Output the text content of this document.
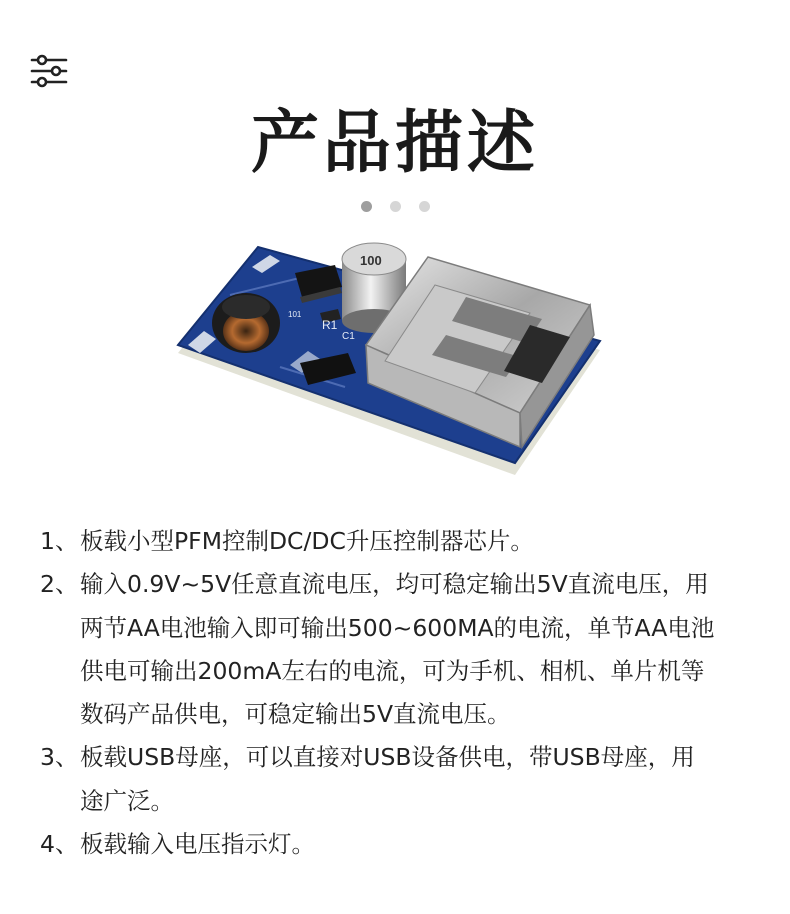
产品描述

R1
C1
101
100
1、 板载小型PFM控制DC/DC升压控制器芯片。
2、 输入0.9V~5V任意直流电压，均可稳定输出5V直流电压，用
两节AA电池输入即可输出500~600MA的电流，单节AA电池
供电可输出200mA左右的电流，可为手机、相机、单片机等
数码产品供电，可稳定输出5V直流电压。
3、 板载USB母座，可以直接对USB设备供电，带USB母座，用
途广泛。
4、 板载输入电压指示灯。
